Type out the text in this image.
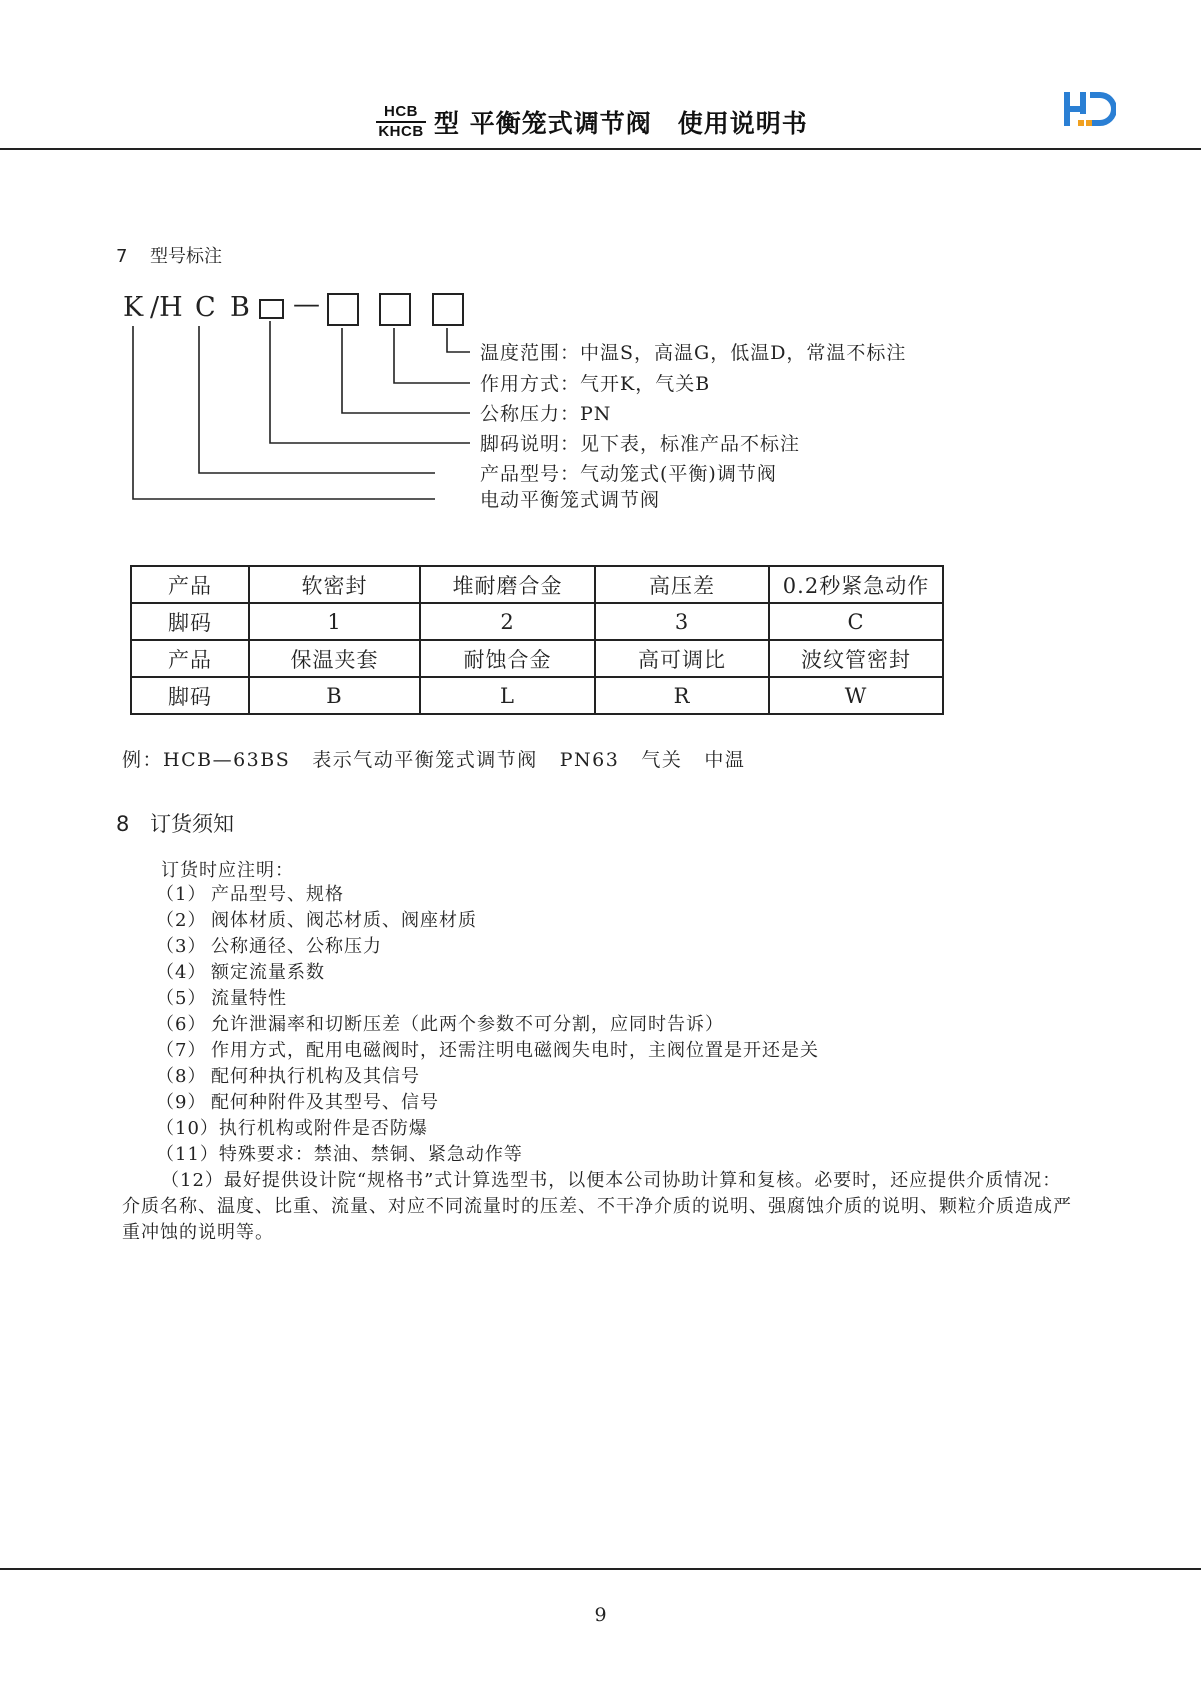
HCB
KHCB 型 平衡笼式调节阀 使用说明书
7 型号标注
K /H C B —
温度范围：中温S，高温G，低温D，常温不标注
作用方式：气开K，气关B
公称压力：PN
脚码说明：见下表，标准产品不标注
产品型号：气动笼式(平衡)调节阀
电动平衡笼式调节阀
产品	软密封	堆耐磨合金	高压差	0.2秒紧急动作
脚码	1	2	3	C
产品	保温夹套	耐蚀合金	高可调比	波纹管密封
脚码	B	L	R	W
例：HCB—63BS 表示气动平衡笼式调节阀 PN63 气关 中温
8 订货须知
订货时应注明：
（1） 产品型号、规格
（2） 阀体材质、阀芯材质、阀座材质
（3） 公称通径、公称压力
（4） 额定流量系数
（5） 流量特性
（6） 允许泄漏率和切断压差（此两个参数不可分割，应同时告诉）
（7） 作用方式，配用电磁阀时，还需注明电磁阀失电时，主阀位置是开还是关
（8） 配何种执行机构及其信号
（9） 配何种附件及其型号、信号
（10）执行机构或附件是否防爆
（11）特殊要求：禁油、禁铜、紧急动作等
（12）最好提供设计院“规格书”式计算选型书，以便本公司协助计算和复核。必要时，还应提供介质情况：介质名称、温度、比重、流量、对应不同流量时的压差、不干净介质的说明、强腐蚀介质的说明、颗粒介质造成严重冲蚀的说明等。
9
